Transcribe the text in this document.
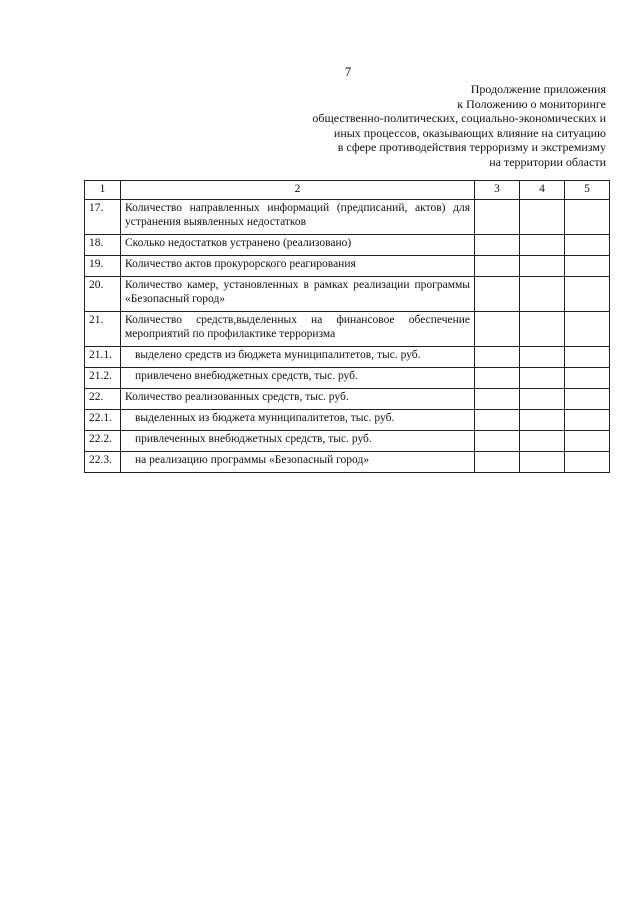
7
Продолжение приложения
к Положению о мониторинге
общественно-политических, социально-экономических и
иных процессов, оказывающих влияние на ситуацию
в сфере противодействия терроризму и экстремизму
на территории области
1	2	3	4	5
17.	Количество направленных информаций (предписаний, актов) для устранения выявленных недостатков			
18.	Сколько недостатков устранено (реализовано)			
19.	Количество актов прокурорского реагирования			
20.	Количество камер, установленных в рамках реализации программы «Безопасный город»			
21.	Количество средств,выделенных на финансовое обеспечение мероприятий по профилактике терроризма			
21.1.	выделено средств из бюджета муниципалитетов, тыс. руб.			
21.2.	привлечено внебюджетных средств, тыс. руб.			
22.	Количество реализованных средств, тыс. руб.			
22.1.	выделенных из бюджета муниципалитетов, тыс. руб.			
22.2.	привлеченных внебюджетных средств, тыс. руб.			
22.3.	на реализацию программы «Безопасный город»			
